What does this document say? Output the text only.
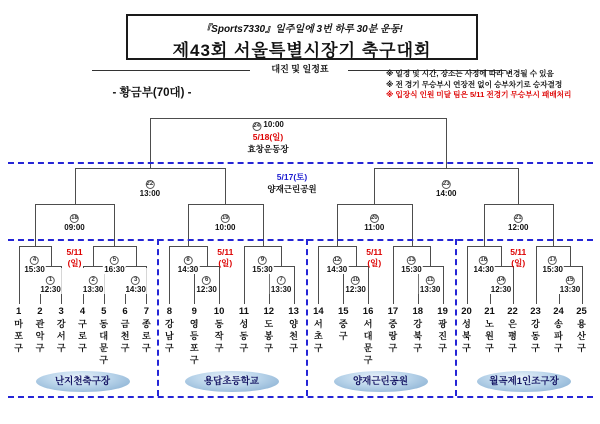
『Sports7330』일주일에 3번 하루 30분 운동!
제43회 서울특별시장기 축구대회
대진 및 일정표
- 황금부(70대) -
※ 일정 및 시간, 장소는 사정에 따라 변경될 수 있음
※ 전 경기 무승부시 연장전 없이 승부차기로 승자결정
※ 입장식 인원 미달 팀은 5/11 전경기 무승부시 패배처리
24 10:00
5/18(일)
효창운동장
5/17(토)
양재근린공원
1
마포구
2
관악구
3
강서구
4
구로구
5
동대문구
6
금천구
7
종로구
1
12:30
2
13:30
3
14:30
4
15:30
5
16:30
18
09:00
5/11
(일)
난지천축구장
8
강남구
9
영등포구
10
동작구
11
성동구
12
도봉구
13
양천구
6
12:30
7
13:30
8
14:30
9
15:30
19
10:00
5/11
(일)
용답초등학교
14
서초구
15
중구
16
서대문구
17
중랑구
18
강북구
19
광진구
10
12:30
11
13:30
12
14:30
13
15:30
20
11:00
5/11
(일)
양재근린공원
20
성북구
21
노원구
22
은평구
23
강동구
24
송파구
25
용산구
14
12:30
15
13:30
16
14:30
17
15:30
21
12:00
5/11
(일)
월곡제1인조구장
22
13:00
23
14:00
